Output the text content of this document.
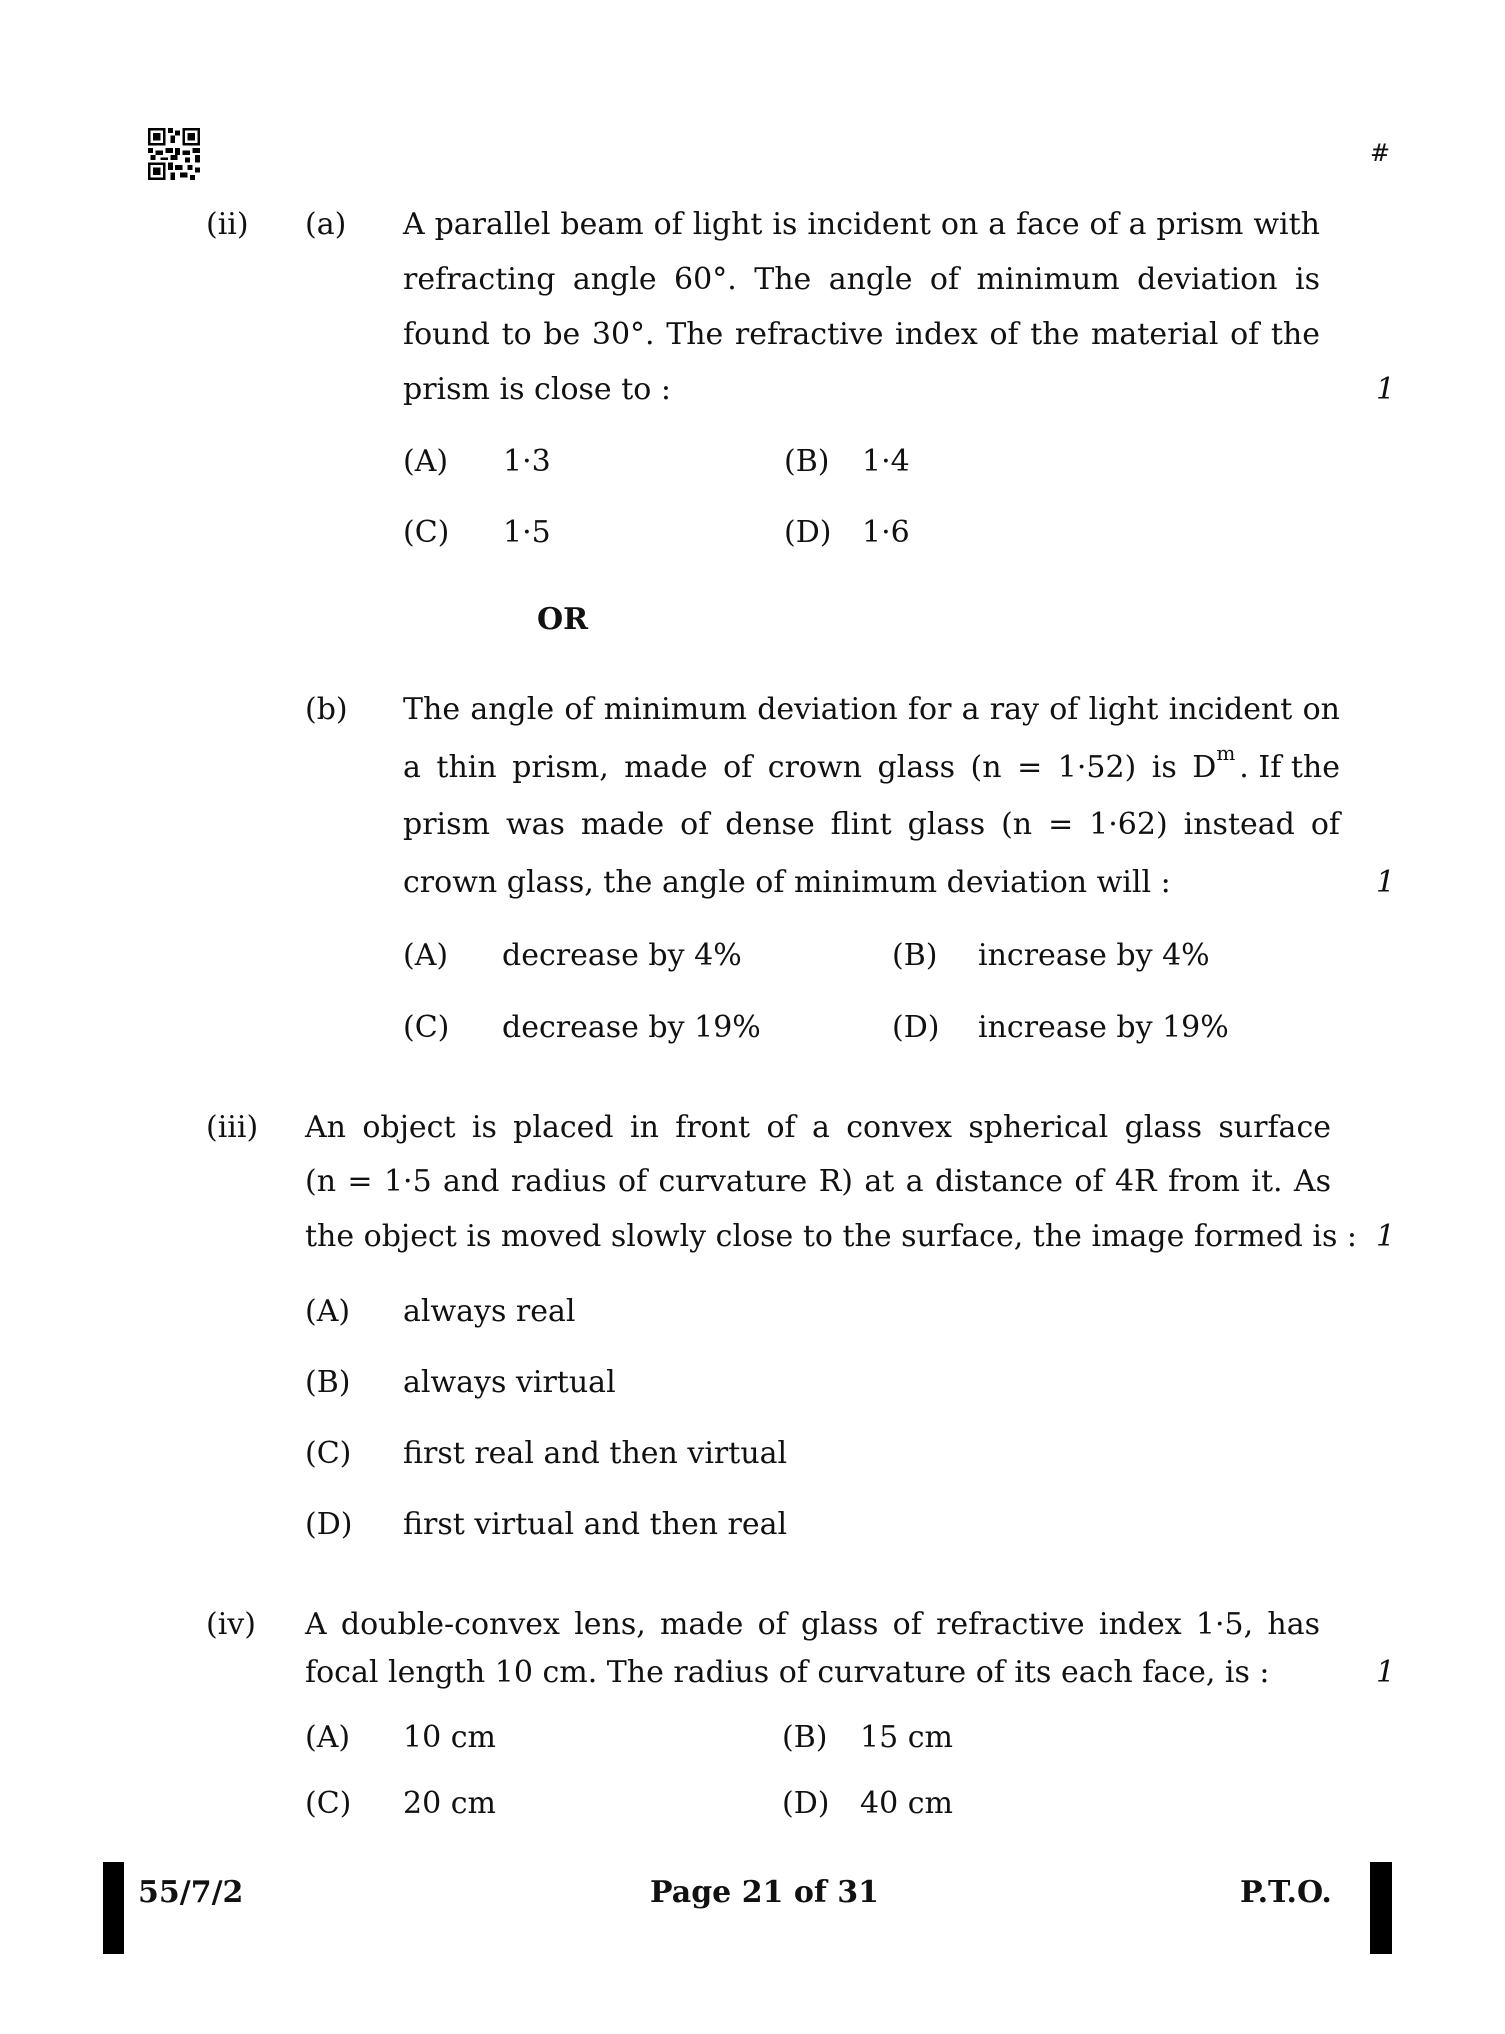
#
(ii) (a) A parallel beam of light is incident on a face of a prism with
refracting angle 60°. The angle of minimum deviation is
found to be 30°. The refractive index of the material of the
prism is close to :	1
(A) 1·3	(B) 1·4
(C) 1·5	(D) 1·6
OR
(b) The angle of minimum deviation for a ray of light incident on
a thin prism, made of crown glass (n = 1·52) is D m . If the
prism was made of dense flint glass (n = 1·62) instead of
crown glass, the angle of minimum deviation will :	1
(A) decrease by 4%	(B) increase by 4%
(C) decrease by 19%	(D) increase by 19%
(iii) An object is placed in front of a convex spherical glass surface
(n = 1·5 and radius of curvature R) at a distance of 4R from it. As
the object is moved slowly close to the surface, the image formed is : 1
(A) always real
(B) always virtual
(C) first real and then virtual
(D) first virtual and then real
(iv) A double-convex lens, made of glass of refractive index 1·5, has
focal length 10 cm. The radius of curvature of its each face, is :	1
(A) 10 cm	(B) 15 cm
(C) 20 cm	(D) 40 cm
55/7/2	Page 21 of 31	P.T.O.
